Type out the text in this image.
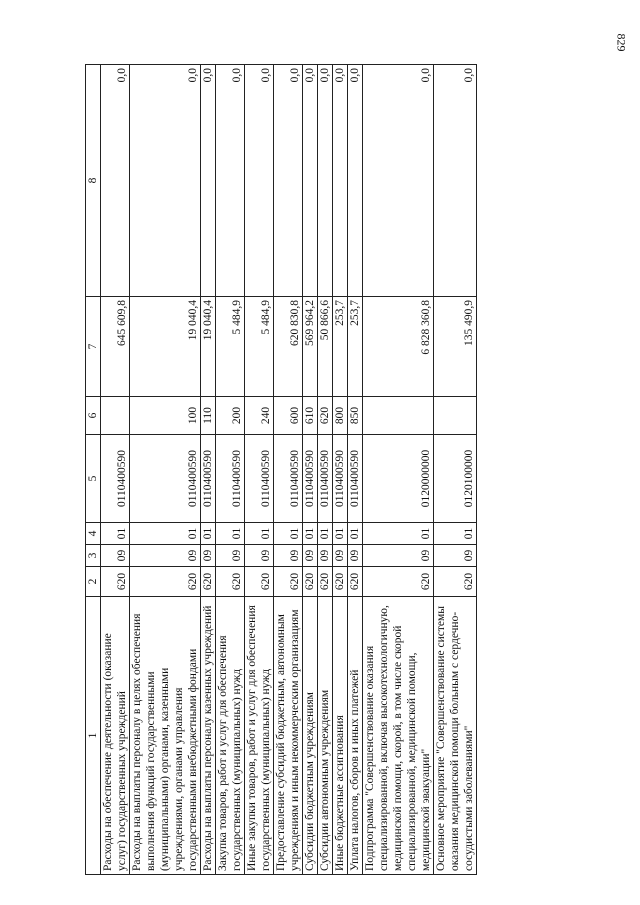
829
1	2	3	4	5	6	7	8
Расходы на обеспечение деятельности (оказание услуг) государственных учреждений	620	09	01	0110400590		645 609,8	0,0
Расходы на выплаты персоналу в целях обеспечения выполнения функций государственными (муниципальными) органами, казенными учреждениями, органами управления государственными внебюджетными фондами	620	09	01	0110400590	100	19 040,4	0,0
Расходы на выплаты персоналу казенных учреждений	620	09	01	0110400590	110	19 040,4	0,0
Закупка товаров, работ и услуг для обеспечения государственных (муниципальных) нужд	620	09	01	0110400590	200	5 484,9	0,0
Иные закупки товаров, работ и услуг для обеспечения государственных (муниципальных) нужд	620	09	01	0110400590	240	5 484,9	0,0
Предоставление субсидий бюджетным, автономным учреждениям и иным некоммерческим организациям	620	09	01	0110400590	600	620 830,8	0,0
Субсидии бюджетным учреждениям	620	09	01	0110400590	610	569 964,2	0,0
Субсидии автономным учреждениям	620	09	01	0110400590	620	50 866,6	0,0
Иные бюджетные ассигнования	620	09	01	0110400590	800	253,7	0,0
Уплата налогов, сборов и иных платежей	620	09	01	0110400590	850	253,7	0,0
Подпрограмма "Совершенствование оказания специализированной, включая высокотехнологичную, медицинской помощи, скорой, в том числе скорой специализированной, медицинской помощи, медицинской эвакуации"	620	09	01	0120000000		6 828 360,8	0,0
Основное мероприятие "Совершенствование системы оказания медицинской помощи больным с сердечно-сосудистыми заболеваниями"	620	09	01	0120100000		135 490,9	0,0
